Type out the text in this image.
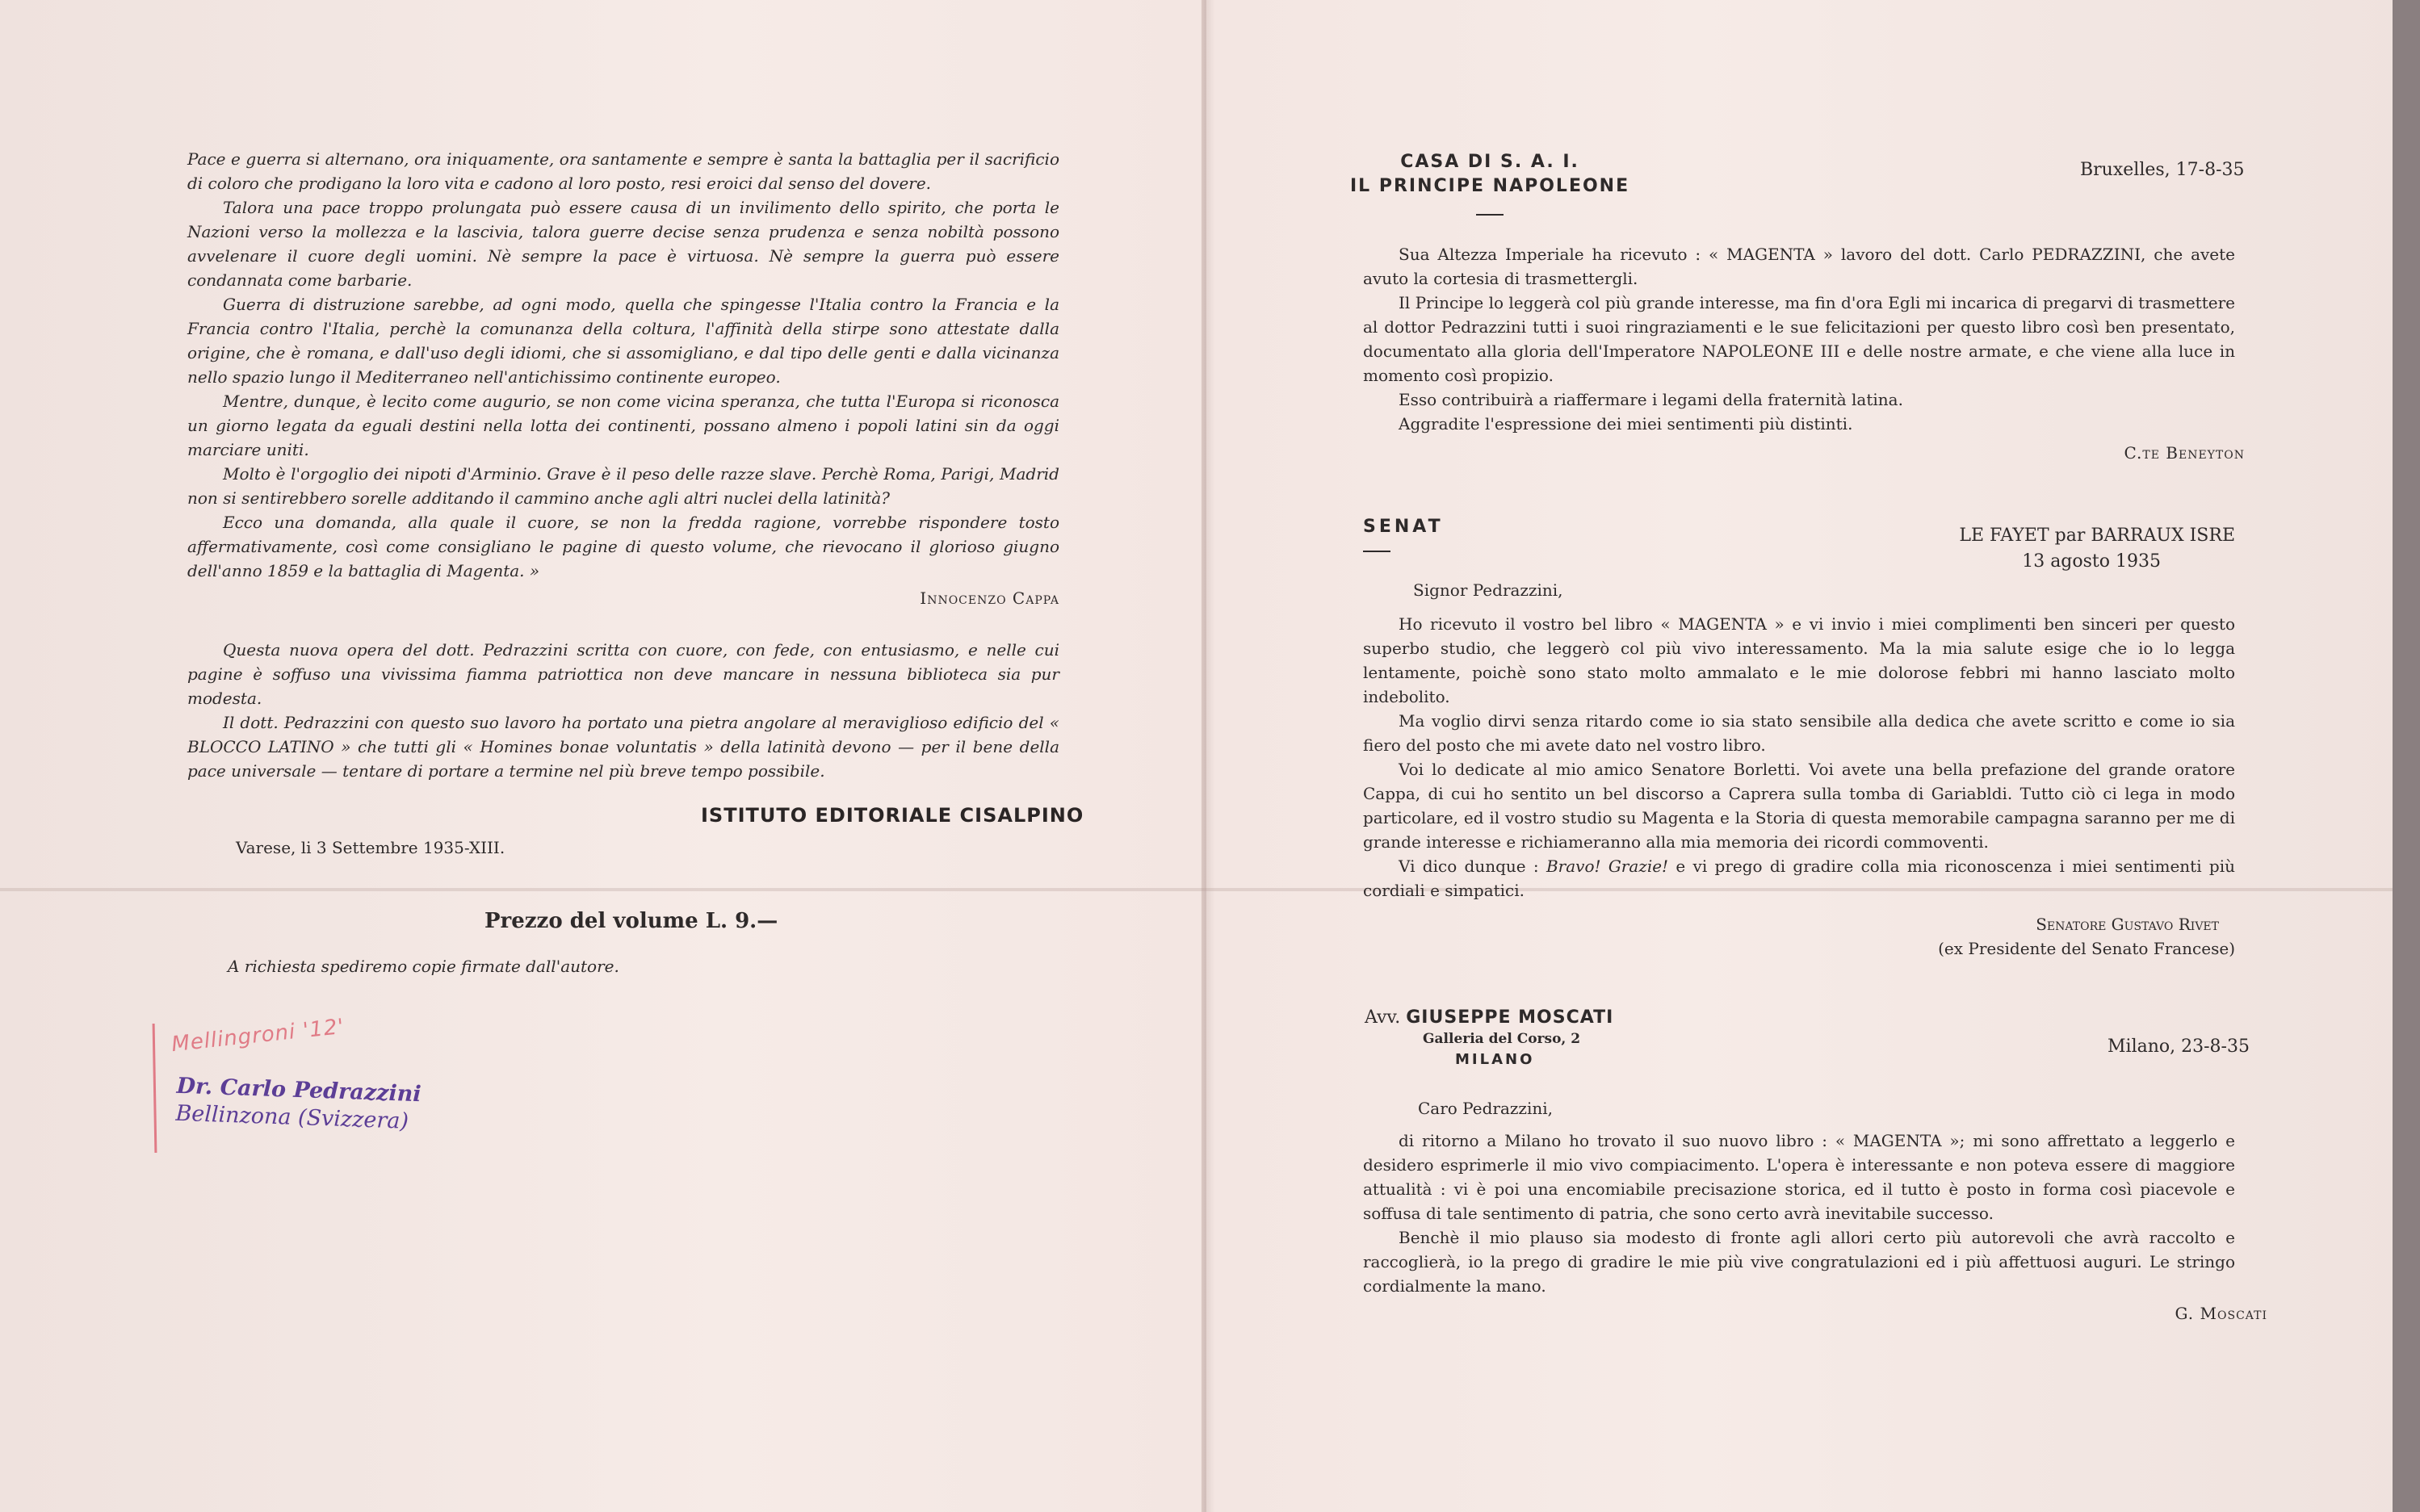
Pace e guerra si alternano, ora iniquamente, ora santamente e sempre è santa la battaglia per il sacrificio di coloro che prodigano la loro vita e cadono al loro posto, resi eroici dal senso del dovere.

Talora una pace troppo prolungata può essere causa di un invilimento dello spirito, che porta le Nazioni verso la mollezza e la lascivia, talora guerre decise senza prudenza e senza nobiltà possono avvelenare il cuore degli uomini. Nè sempre la pace è virtuosa. Nè sempre la guerra può essere condannata come barbarie.

Guerra di distruzione sarebbe, ad ogni modo, quella che spingesse l'Italia contro la Francia e la Francia contro l'Italia, perchè la comunanza della coltura, l'affinità della stirpe sono attestate dalla origine, che è romana, e dall'uso degli idiomi, che si assomigliano, e dal tipo delle genti e dalla vicinanza nello spazio lungo il Mediterraneo nell'antichissimo continente europeo.

Mentre, dunque, è lecito come augurio, se non come vicina speranza, che tutta l'Europa si riconosca un giorno legata da eguali destini nella lotta dei continenti, possano almeno i popoli latini sin da oggi marciare uniti.

Molto è l'orgoglio dei nipoti d'Arminio. Grave è il peso delle razze slave. Perchè Roma, Parigi, Madrid non si sentirebbero sorelle additando il cammino anche agli altri nuclei della latinità?

Ecco una domanda, alla quale il cuore, se non la fredda ragione, vorrebbe rispondere tosto affermativamente, così come consigliano le pagine di questo volume, che rievocano il glorioso giugno dell'anno 1859 e la battaglia di Magenta. »

Innocenzo Cappa

Questa nuova opera del dott. Pedrazzini scritta con cuore, con fede, con entusiasmo, e nelle cui pagine è soffuso una vivissima fiamma patriottica non deve mancare in nessuna biblioteca sia pur modesta.

Il dott. Pedrazzini con questo suo lavoro ha portato una pietra angolare al meraviglioso edificio del « BLOCCO LATINO » che tutti gli « Homines bonae voluntatis » della latinità devono — per il bene della pace universale — tentare di portare a termine nel più breve tempo possibile.

ISTITUTO EDITORIALE CISALPINO
Varese, li 3 Settembre 1935-XIII.
Prezzo del volume L. 9.—
A richiesta spediremo copie firmate dall'autore.
Mellingroni '12'
Dr. Carlo Pedrazzini
Bellinzona (Svizzera)
CASA DI S. A. I.
IL PRINCIPE NAPOLEONE
Bruxelles, 17-8-35

Sua Altezza Imperiale ha ricevuto : « MAGENTA » lavoro del dott. Carlo PEDRAZZINI, che avete avuto la cortesia di trasmettergli.

Il Principe lo leggerà col più grande interesse, ma fin d'ora Egli mi incarica di pregarvi di trasmettere al dottor Pedrazzini tutti i suoi ringraziamenti e le sue felicitazioni per questo libro così ben presentato, documentato alla gloria dell'Imperatore NAPOLEONE III e delle nostre armate, e che viene alla luce in momento così propizio.

Esso contribuirà a riaffermare i legami della fraternità latina.

Aggradite l'espressione dei miei sentimenti più distinti.

C.te Beneyton
SENAT	LE FAYET par BARRAUX ISRE
13 agosto 1935
Signor Pedrazzini,

Ho ricevuto il vostro bel libro « MAGENTA » e vi invio i miei complimenti ben sinceri per questo superbo studio, che leggerò col più vivo interessamento. Ma la mia salute esige che io lo legga lentamente, poichè sono stato molto ammalato e le mie dolorose febbri mi hanno lasciato molto indebolito.

Ma voglio dirvi senza ritardo come io sia stato sensibile alla dedica che avete scritto e come io sia fiero del posto che mi avete dato nel vostro libro.

Voi lo dedicate al mio amico Senatore Borletti. Voi avete una bella prefazione del grande oratore Cappa, di cui ho sentito un bel discorso a Caprera sulla tomba di Gariabldi. Tutto ciò ci lega in modo particolare, ed il vostro studio su Magenta e la Storia di questa memorabile campagna saranno per me di grande interesse e richiameranno alla mia memoria dei ricordi commoventi.

Vi dico dunque : Bravo! Grazie! e vi prego di gradire colla mia riconoscenza i miei sentimenti più cordiali e simpatici.

Senatore Gustavo Rivet
(ex Presidente del Senato Francese)
Avv. GIUSEPPE MOSCATI
Galleria del Corso, 2
MILANO
Milano, 23-8-35
Caro Pedrazzini,

di ritorno a Milano ho trovato il suo nuovo libro : « MAGENTA »; mi sono affrettato a leggerlo e desidero esprimerle il mio vivo compiacimento. L'opera è interessante e non poteva essere di maggiore attualità : vi è poi una encomiabile precisazione storica, ed il tutto è posto in forma così piacevole e soffusa di tale sentimento di patria, che sono certo avrà inevitabile successo.

Benchè il mio plauso sia modesto di fronte agli allori certo più autorevoli che avrà raccolto e raccoglierà, io la prego di gradire le mie più vive congratulazioni ed i più affettuosi auguri. Le stringo cordialmente la mano.

G. Moscati
